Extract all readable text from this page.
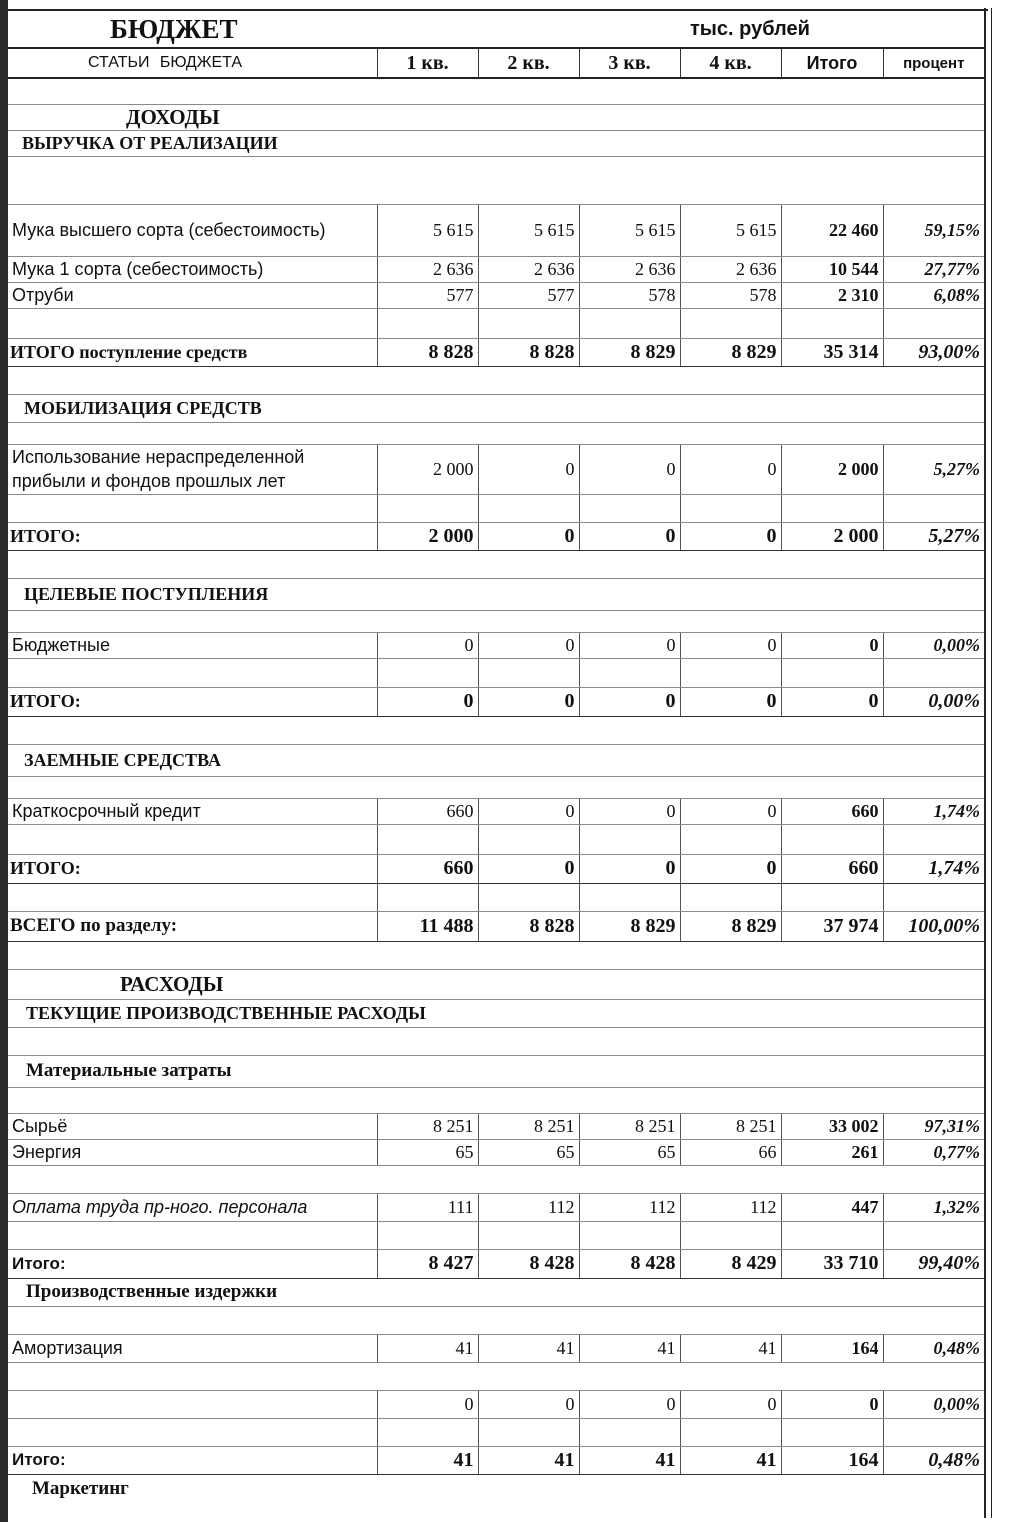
БЮДЖЕТ				тыс. рублей		
СТАТЬИ БЮДЖЕТА	1 кв.	2 кв.	3 кв.	4 кв.	Итого	процент

ДОХОДЫ						
ВЫРУЧКА ОТ РЕАЛИЗАЦИИ						

Мука высшего сорта (себестоимость)	5 615	5 615	5 615	5 615	22 460	59,15%
Мука 1 сорта (себестоимость)	2 636	2 636	2 636	2 636	10 544	27,77%
Отруби	577	577	578	578	2 310	6,08%

ИТОГО поступление средств	8 828	8 828	8 829	8 829	35 314	93,00%

МОБИЛИЗАЦИЯ СРЕДСТВ						

Использование нераспределенной
прибыли и фондов прошлых лет	2 000	0	0	0	2 000	5,27%

ИТОГО:	2 000	0	0	0	2 000	5,27%

ЦЕЛЕВЫЕ ПОСТУПЛЕНИЯ						

Бюджетные	0	0	0	0	0	0,00%

ИТОГО:	0	0	0	0	0	0,00%

ЗАЕМНЫЕ СРЕДСТВА						

Краткосрочный кредит	660	0	0	0	660	1,74%

ИТОГО:	660	0	0	0	660	1,74%

ВСЕГО по разделу:	11 488	8 828	8 829	8 829	37 974	100,00%

РАСХОДЫ						
ТЕКУЩИЕ ПРОИЗВОДСТВЕННЫЕ РАСХОДЫ						

Материальные затраты						

Сырьё	8 251	8 251	8 251	8 251	33 002	97,31%
Энергия	65	65	65	66	261	0,77%

Оплата труда пр-ного. персонала	111	112	112	112	447	1,32%

Итого:	8 427	8 428	8 428	8 429	33 710	99,40%
Производственные издержки						

Амортизация	41	41	41	41	164	0,48%

	0	0	0	0	0	0,00%

Итого:	41	41	41	41	164	0,48%
Маркетинг						
